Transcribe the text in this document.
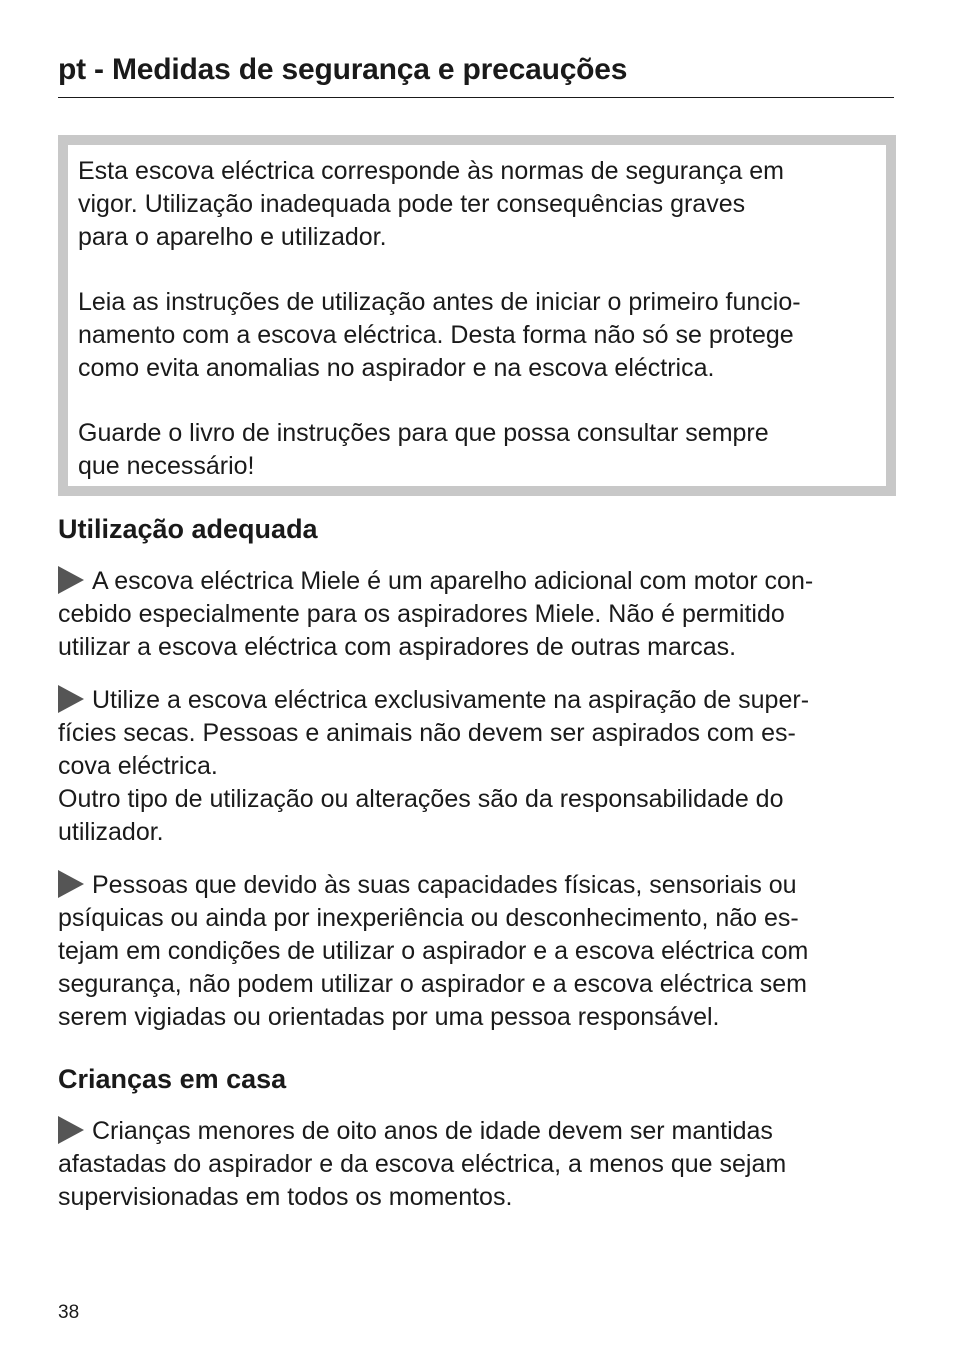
pt - Medidas de segurança e precauções

Esta escova eléctrica corresponde às normas de segurança em
vigor. Utilização inadequada pode ter consequências graves
para o aparelho e utilizador.

Leia as instruções de utilização antes de iniciar o primeiro funcio-
namento com a escova eléctrica. Desta forma não só se protege
como evita anomalias no aspirador e na escova eléctrica.

Guarde o livro de instruções para que possa consultar sempre
que necessário!

Utilização adequada
A escova eléctrica Miele é um aparelho adicional com motor con-
cebido especialmente para os aspiradores Miele. Não é permitido
utilizar a escova eléctrica com aspiradores de outras marcas.
Utilize a escova eléctrica exclusivamente na aspiração de super-
fícies secas. Pessoas e animais não devem ser aspirados com es-
cova eléctrica.
Outro tipo de utilização ou alterações são da responsabilidade do
utilizador.
Pessoas que devido às suas capacidades físicas, sensoriais ou
psíquicas ou ainda por inexperiência ou desconhecimento, não es-
tejam em condições de utilizar o aspirador e a escova eléctrica com
segurança, não podem utilizar o aspirador e a escova eléctrica sem
serem vigiadas ou orientadas por uma pessoa responsável.
Crianças em casa
Crianças menores de oito anos de idade devem ser mantidas
afastadas do aspirador e da escova eléctrica, a menos que sejam
supervisionadas em todos os momentos.
38
